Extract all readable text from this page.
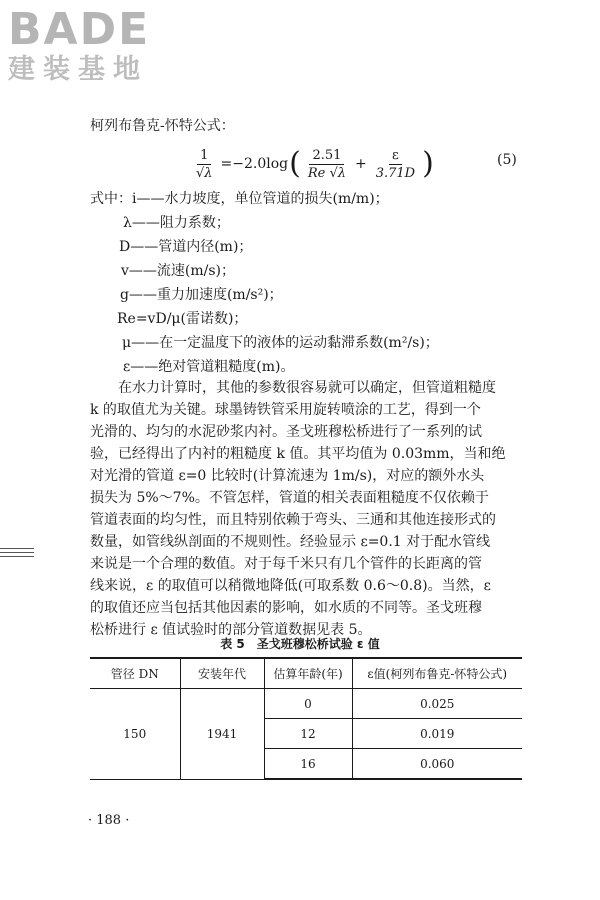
BADE
建装基地
柯列布鲁克-怀特公式：
$\frac{1}{√\lambda} =-2.0\log$ ( $\frac{2.51}{Re √\lambda} + \frac{\varepsilon}{3.71D}$ )	(5)
式中：i——水力坡度，单位管道的损失(m/m)；
λ——阻力系数；
D——管道内径(m)；
v——流速(m/s)；
g——重力加速度(m/s²)；
Re=vD/μ(雷诺数)；
μ——在一定温度下的液体的运动黏滞系数(m²/s)；
ε——绝对管道粗糙度(m)。
在水力计算时，其他的参数很容易就可以确定，但管道粗糙度
k 的取值尤为关键。球墨铸铁管采用旋转喷涂的工艺，得到一个
光滑的、均匀的水泥砂浆内衬。圣戈班穆松桥进行了一系列的试
验，已经得出了内衬的粗糙度 k 值。其平均值为 0.03mm，当和绝
对光滑的管道 ε=0 比较时(计算流速为 1m/s)，对应的额外水头
损失为 5%～7%。不管怎样，管道的相关表面粗糙度不仅依赖于
管道表面的均匀性，而且特别依赖于弯头、三通和其他连接形式的
数量，如管线纵剖面的不规则性。经验显示 ε=0.1 对于配水管线
来说是一个合理的数值。对于每千米只有几个管件的长距离的管
线来说，ε 的取值可以稍微地降低(可取系数 0.6～0.8)。当然，ε
的取值还应当包括其他因素的影响，如水质的不同等。圣戈班穆
松桥进行 ε 值试验时的部分管道数据见表 5。
表 5　圣戈班穆松桥试验 ε 值
管径 DN	安装年代	估算年龄(年)	ε值(柯列布鲁克-怀特公式)
150	1941	0	0.025
		12	0.019
		16	0.060
· 188 ·
